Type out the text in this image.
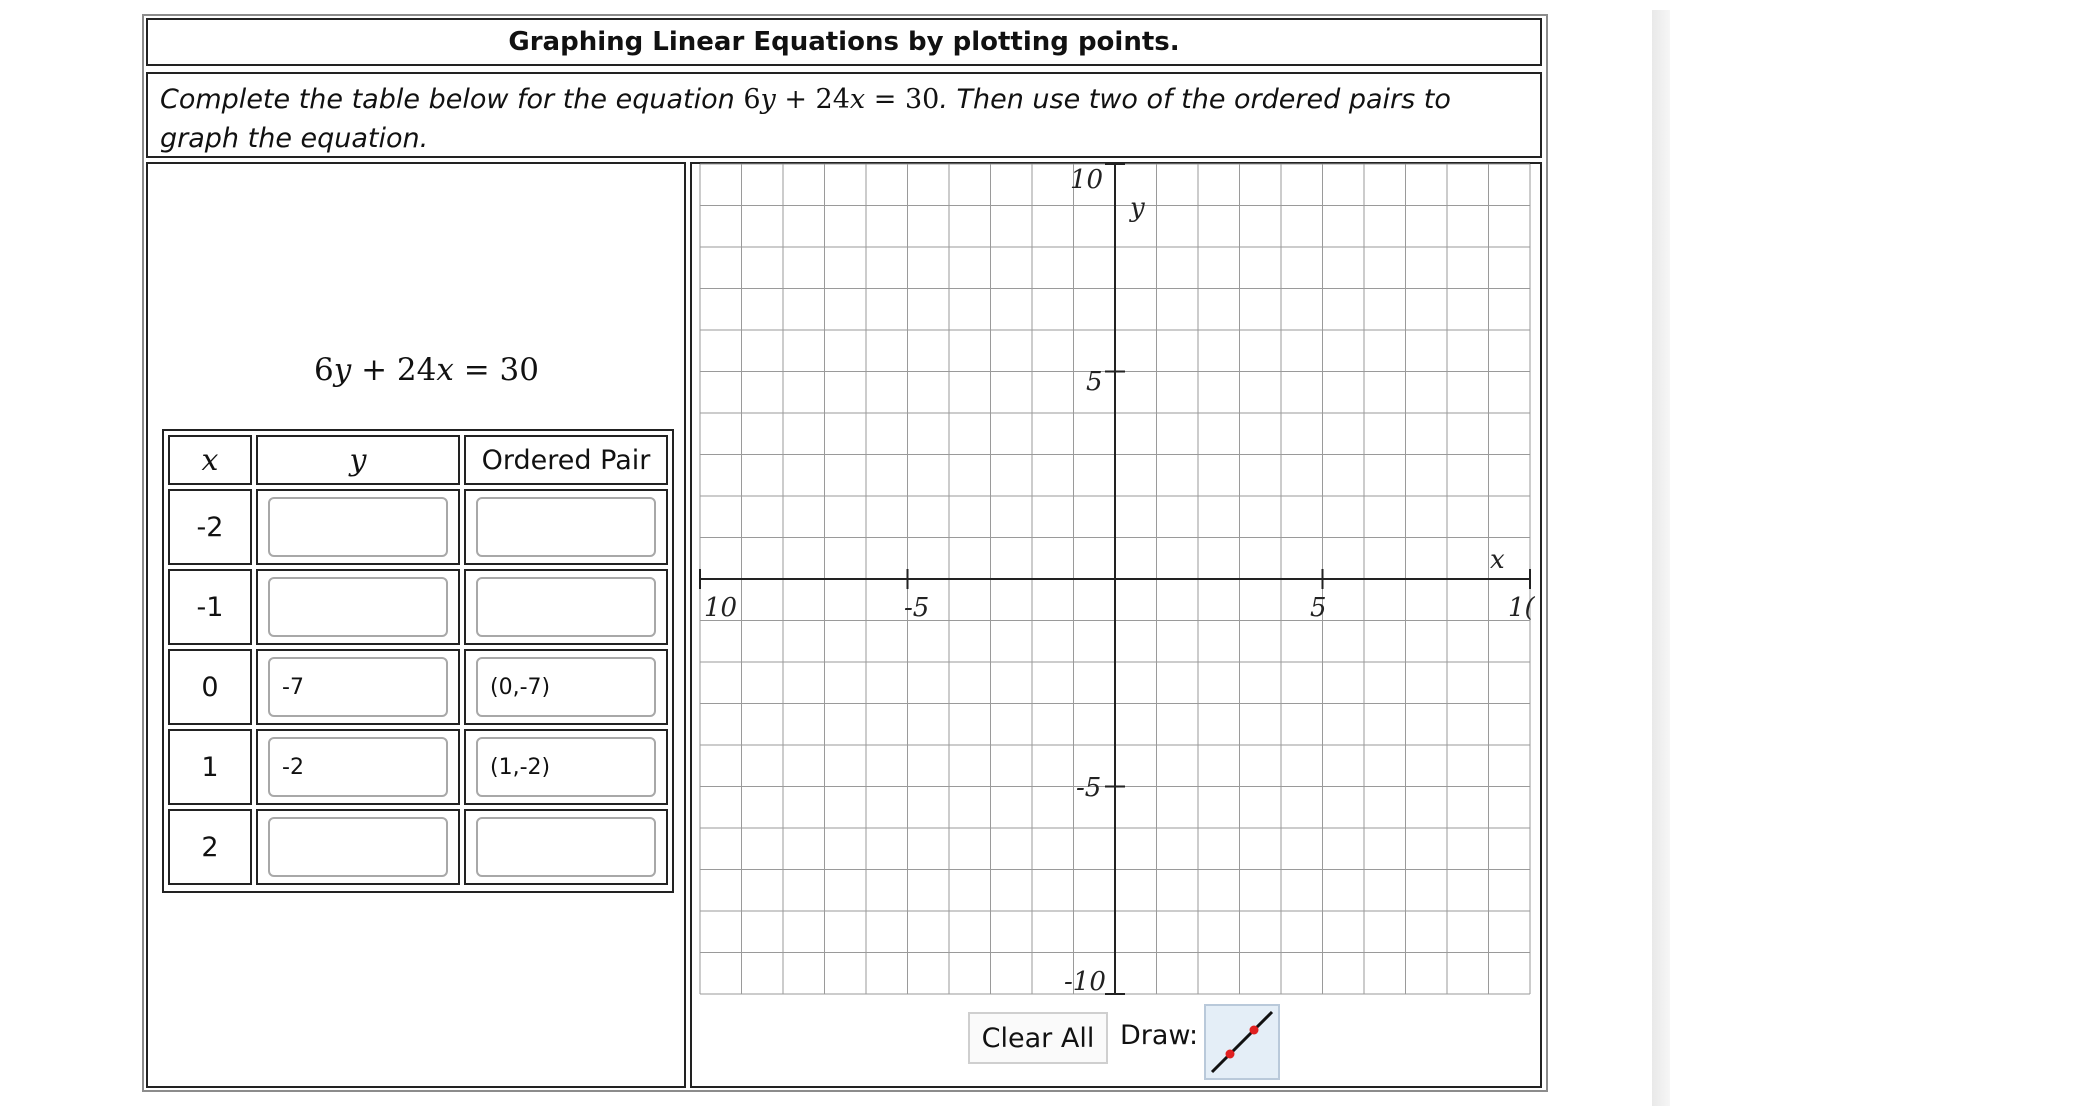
Graphing Linear Equations by plotting points.
Complete the table below for the equation 6y + 24x = 30. Then use two of the ordered pairs to graph the equation.
6y + 24x = 30
x	y	Ordered Pair
-2
-1
0	-7	(0,-7)
1	-2	(1,-2)
2
x
y
10	-5	5	1(
10
5
-5
-10
Clear All Draw:
